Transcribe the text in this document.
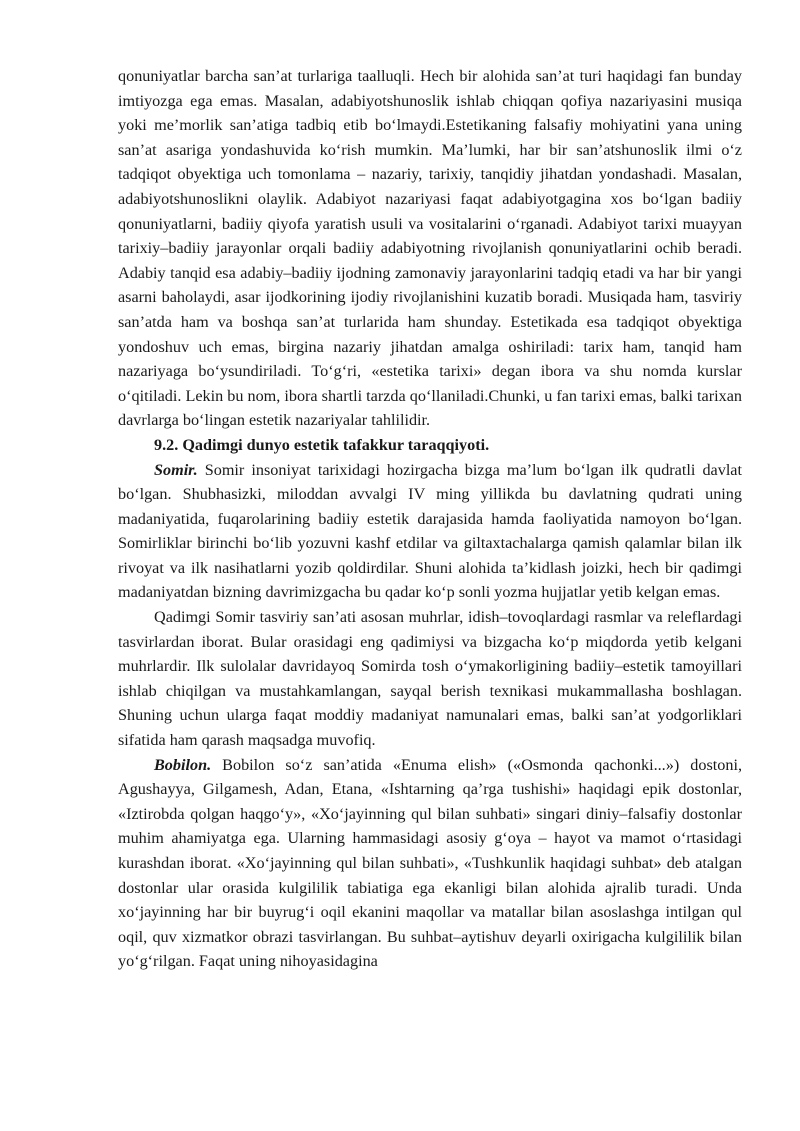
qonuniyatlar barcha san’at turlariga taalluqli. Hech bir alohida san’at turi haqidagi fan bunday imtiyozga ega emas. Masalan, adabiyotshunoslik ishlab chiqqan qofiya nazariyasini musiqa yoki me’morlik san’atiga tadbiq etib bo‘lmaydi.Estetikaning falsafiy mohiyatini yana uning san’at asariga yondashuvida ko‘rish mumkin. Ma’lumki, har bir san’atshunoslik ilmi o‘z tadqiqot obyektiga uch tomonlama – nazariy, tarixiy, tanqidiy jihatdan yondashadi. Masalan, adabiyotshunoslikni olaylik. Adabiyot nazariyasi faqat adabiyotgagina xos bo‘lgan badiiy qonuniyatlarni, badiiy qiyofa yaratish usuli va vositalarini o‘rganadi. Adabiyot tarixi muayyan tarixiy–badiiy jarayonlar orqali badiiy adabiyotning rivojlanish qonuniyatlarini ochib beradi. Adabiy tanqid esa adabiy–badiiy ijodning zamonaviy jarayonlarini tadqiq etadi va har bir yangi asarni baholaydi, asar ijodkorining ijodiy rivojlanishini kuzatib boradi. Musiqada ham, tasviriy san’atda ham va boshqa san’at turlarida ham shunday. Estetikada esa tadqiqot obyektiga yondoshuv uch emas, birgina nazariy jihatdan amalga oshiriladi: tarix ham, tanqid ham nazariyaga bo‘ysundiriladi. To‘g‘ri, «estetika tarixi» degan ibora va shu nomda kurslar o‘qitiladi. Lekin bu nom, ibora shartli tarzda qo‘llaniladi.Chunki, u fan tarixi emas, balki tarixan davrlarga bo‘lingan estetik nazariyalar tahlilidir.

9.2. Qadimgi dunyo estetik tafakkur taraqqiyoti.

Somir. Somir insoniyat tarixidagi hozirgacha bizga ma’lum bo‘lgan ilk qudratli davlat bo‘lgan. Shubhasizki, miloddan avvalgi IV ming yillikda bu davlatning qudrati uning madaniyatida, fuqarolarining badiiy estetik darajasida hamda faoliyatida namoyon bo‘lgan. Somirliklar birinchi bo‘lib yozuvni kashf etdilar va giltaxtachalarga qamish qalamlar bilan ilk rivoyat va ilk nasihatlarni yozib qoldirdilar. Shuni alohida ta’kidlash joizki, hech bir qadimgi madaniyatdan bizning davrimizgacha bu qadar ko‘p sonli yozma hujjatlar yetib kelgan emas.

Qadimgi Somir tasviriy san’ati asosan muhrlar, idish–tovoqlardagi rasmlar va releflardagi tasvirlardan iborat. Bular orasidagi eng qadimiysi va bizgacha ko‘p miqdorda yetib kelgani muhrlardir. Ilk sulolalar davridayoq Somirda tosh o‘ymakorligining badiiy–estetik tamoyillari ishlab chiqilgan va mustahkamlangan, sayqal berish texnikasi mukammallasha boshlagan. Shuning uchun ularga faqat moddiy madaniyat namunalari emas, balki san’at yodgorliklari sifatida ham qarash maqsadga muvofiq.

Bobilon. Bobilon so‘z san’atida «Enuma elish» («Osmonda qachonki...») dostoni, Agushayya, Gilgamesh, Adan, Etana, «Ishtarning qa’rga tushishi» haqidagi epik dostonlar, «Iztirobda qolgan haqgo‘y», «Xo‘jayinning qul bilan suhbati» singari diniy–falsafiy dostonlar muhim ahamiyatga ega. Ularning hammasidagi asosiy g‘oya – hayot va mamot o‘rtasidagi kurashdan iborat. «Xo‘jayinning qul bilan suhbati», «Tushkunlik haqidagi suhbat» deb atalgan dostonlar ular orasida kulgililik tabiatiga ega ekanligi bilan alohida ajralib turadi. Unda xo‘jayinning har bir buyrug‘i oqil ekanini maqollar va matallar bilan asoslashga intilgan qul oqil, quv xizmatkor obrazi tasvirlangan. Bu suhbat–aytishuv deyarli oxirigacha kulgililik bilan yo‘g‘rilgan. Faqat uning nihoyasidagina
